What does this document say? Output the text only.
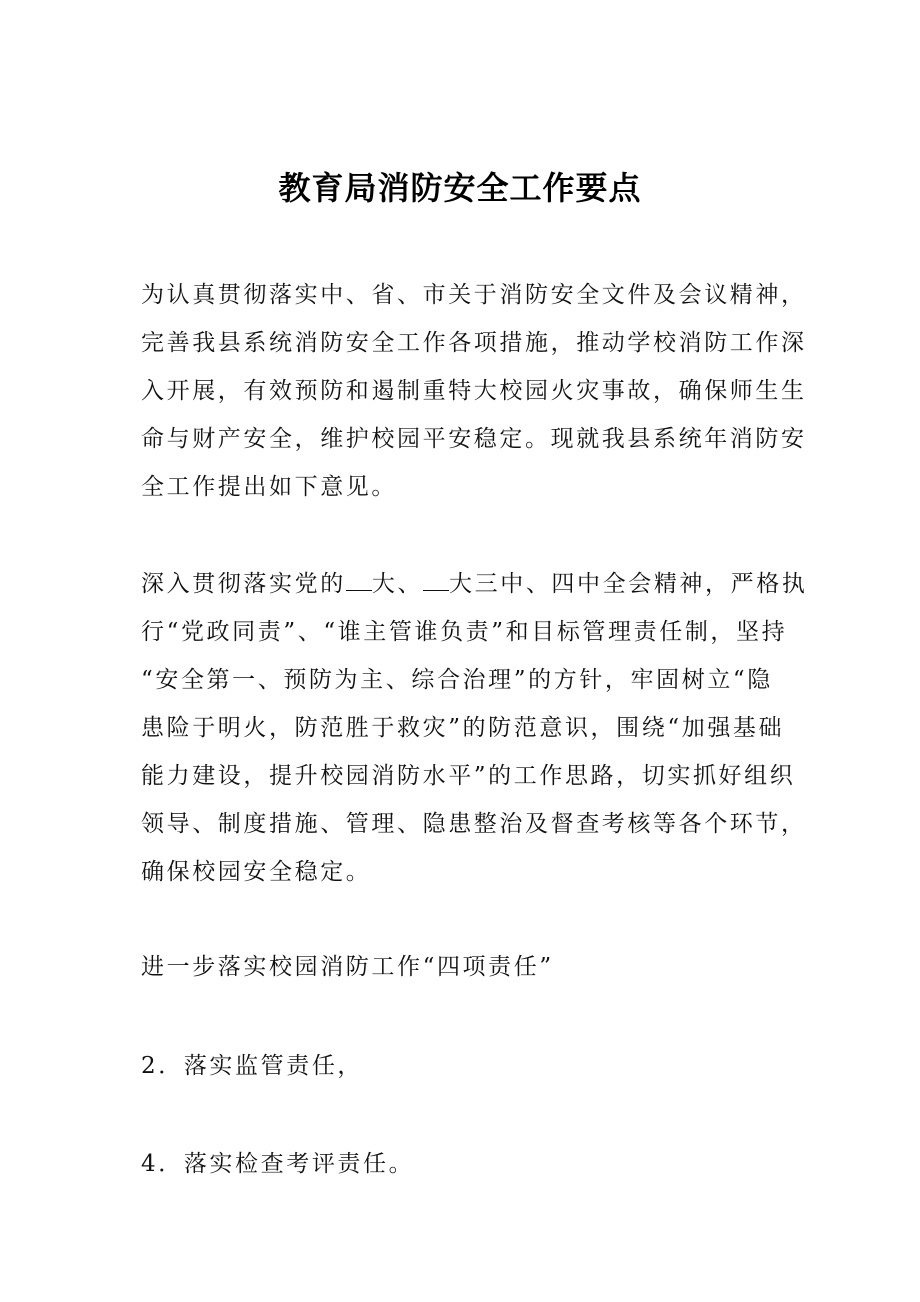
教育局消防安全工作要点

为认真贯彻落实中、省、市关于消防安全文件及会议精神，
完善我县系统消防安全工作各项措施，推动学校消防工作深
入开展，有效预防和遏制重特大校园火灾事故，确保师生生
命与财产安全，维护校园平安稳定。现就我县系统年消防安
全工作提出如下意见。

深入贯彻落实党的 大、 大三中、四中全会精神，严格执
行“党政同责”、“谁主管谁负责”和目标管理责任制，坚持
“安全第一、预防为主、综合治理”的方针，牢固树立“隐
患险于明火，防范胜于救灾”的防范意识，围绕“加强基础
能力建设，提升校园消防水平”的工作思路，切实抓好组织
领导、制度措施、管理、隐患整治及督查考核等各个环节，
确保校园安全稳定。

进一步落实校园消防工作“四项责任”

2．落实监管责任，

4．落实检查考评责任。
